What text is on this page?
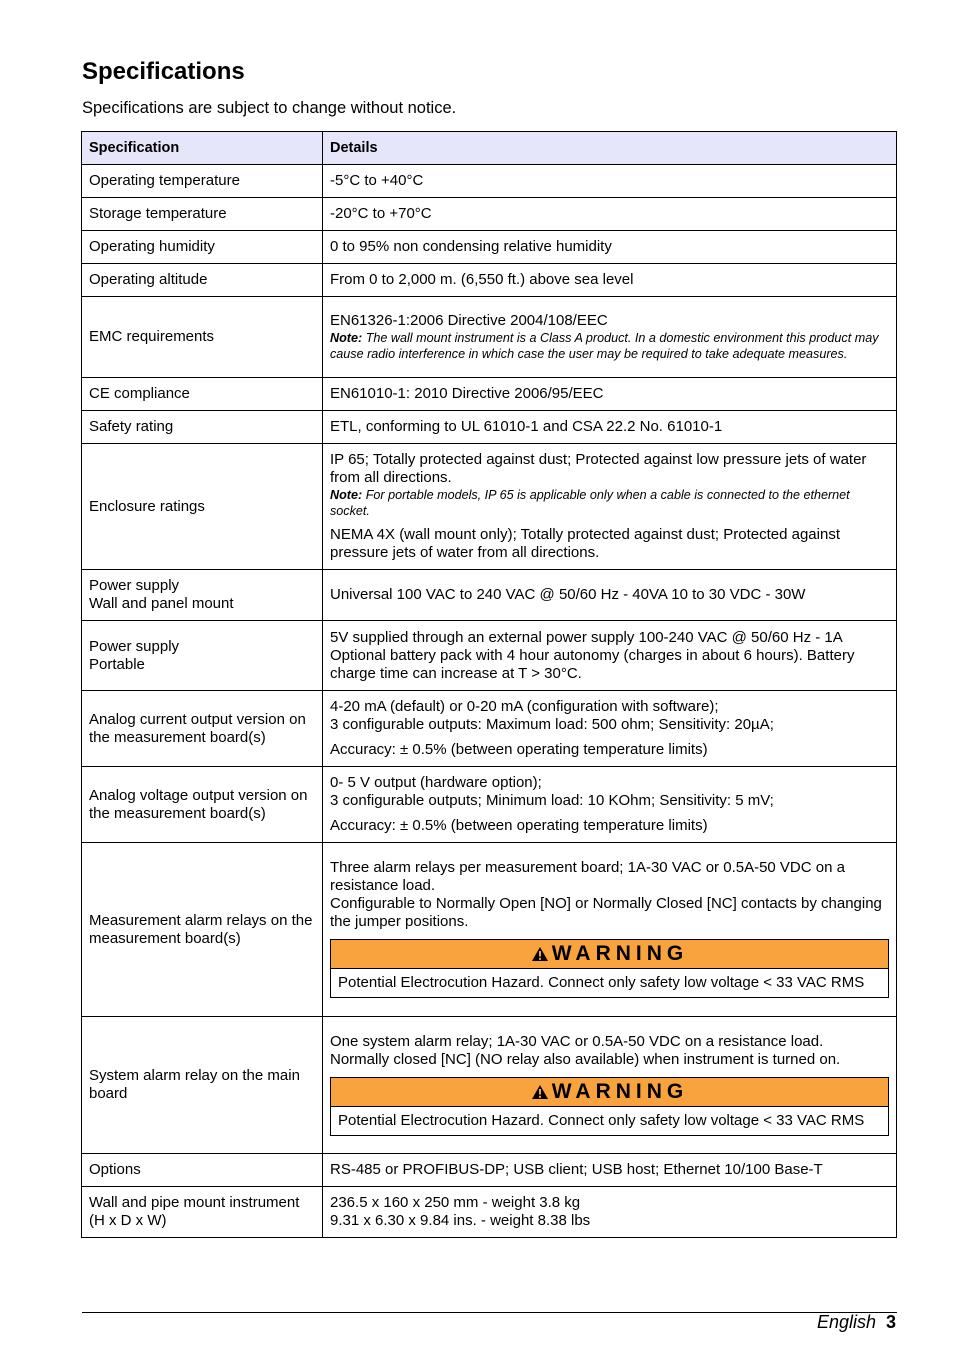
Specifications

Specifications are subject to change without notice.

Specification	Details

Operating temperature	-5°C to +40°C

Storage temperature	-20°C to +70°C

Operating humidity	0 to 95% non condensing relative humidity

Operating altitude	From 0 to 2,000 m. (6,550 ft.) above sea level

EMC requirements	EN61326-1:2006 Directive 2004/108/EEC
Note: The wall mount instrument is a Class A product. In a domestic environment this product may cause radio interference in which case the user may be required to take adequate measures.

CE compliance	EN61010-1: 2010 Directive 2006/95/EEC

Safety rating	ETL, conforming to UL 61010-1 and CSA 22.2 No. 61010-1

Enclosure ratings	IP 65; Totally protected against dust; Protected against low pressure jets of water from all directions.
Note: For portable models, IP 65 is applicable only when a cable is connected to the ethernet socket.
NEMA 4X (wall mount only); Totally protected against dust; Protected against pressure jets of water from all directions.

Power supply
Wall and panel mount	Universal 100 VAC to 240 VAC @ 50/60 Hz - 40VA 10 to 30 VDC - 30W

Power supply
Portable	5V supplied through an external power supply 100-240 VAC @ 50/60 Hz - 1A
Optional battery pack with 4 hour autonomy (charges in about 6 hours). Battery charge time can increase at T > 30°C.

Analog current output version on the measurement board(s)	4-20 mA (default) or 0-20 mA (configuration with software);
3 configurable outputs: Maximum load: 500 ohm; Sensitivity: 20µA;
Accuracy: ± 0.5% (between operating temperature limits)

Analog voltage output version on the measurement board(s)	0- 5 V output (hardware option);
3 configurable outputs; Minimum load: 10 KOhm; Sensitivity: 5 mV;
Accuracy: ± 0.5% (between operating temperature limits)

Measurement alarm relays on the measurement board(s)	Three alarm relays per measurement board; 1A-30 VAC or 0.5A-50 VDC on a resistance load.
Configurable to Normally Open [NO] or Normally Closed [NC] contacts by changing the jumper positions.
WARNING
Potential Electrocution Hazard. Connect only safety low voltage < 33 VAC RMS

System alarm relay on the main board	One system alarm relay; 1A-30 VAC or 0.5A-50 VDC on a resistance load.
Normally closed [NC] (NO relay also available) when instrument is turned on.
WARNING
Potential Electrocution Hazard. Connect only safety low voltage < 33 VAC RMS

Options	RS-485 or PROFIBUS-DP; USB client; USB host; Ethernet 10/100 Base-T

Wall and pipe mount instrument (H x D x W)	236.5 x 160 x 250 mm - weight 3.8 kg
9.31 x 6.30 x 9.84 ins. - weight 8.38 lbs
English 3
